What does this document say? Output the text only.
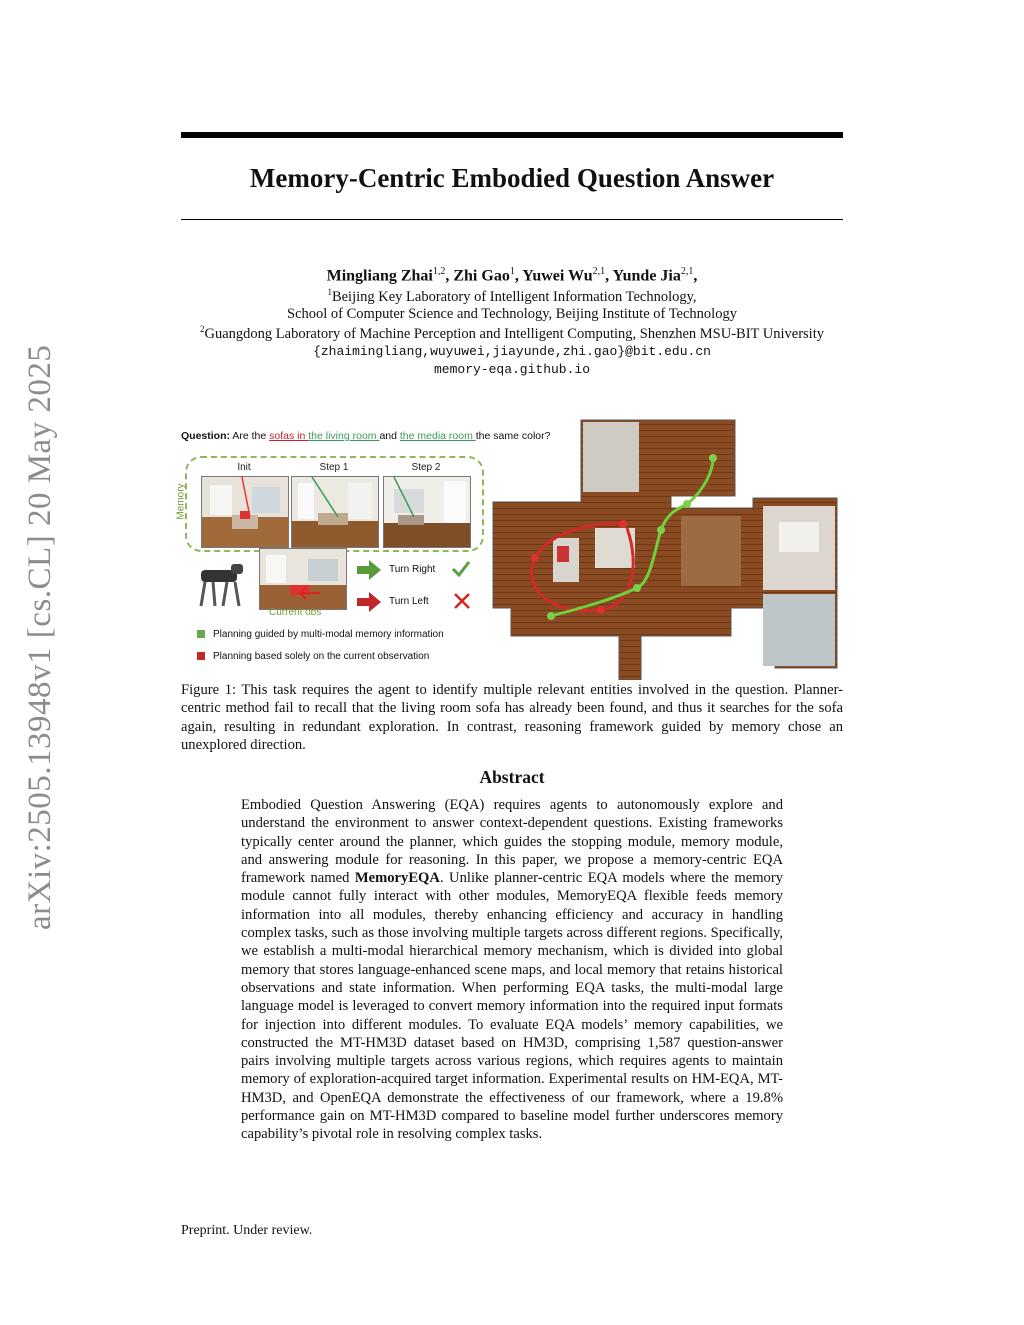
arXiv:2505.13948v1 [cs.CL] 20 May 2025
Memory-Centric Embodied Question Answer
Mingliang Zhai$^{1,2}$, Zhi Gao$^1$, Yuwei Wu$^{2,1}$, Yunde Jia$^{2,1}$,
$^1$Beijing Key Laboratory of Intelligent Information Technology,
School of Computer Science and Technology, Beijing Institute of Technology
$^2$Guangdong Laboratory of Machine Perception and Intelligent Computing, Shenzhen MSU-BIT University
{zhaimingliang,wuyuwei,jiayunde,zhi.gao}@bit.edu.cn
memory-eqa.github.io
Question: Are the sofas in the living room and the media room the same color?
Memory
Init	Step 1	Step 2
Current obs
Turn Right
Turn Left
Planning guided by multi-modal memory information
Planning based solely on the current observation
Figure 1: This task requires the agent to identify multiple relevant entities involved in the question. Planner-centric method fail to recall that the living room sofa has already been found, and thus it searches for the sofa again, resulting in redundant exploration. In contrast, reasoning framework guided by memory chose an unexplored direction.
Abstract
Embodied Question Answering (EQA) requires agents to autonomously explore and understand the environment to answer context-dependent questions. Existing frameworks typically center around the planner, which guides the stopping module, memory module, and answering module for reasoning. In this paper, we propose a memory-centric EQA framework named MemoryEQA. Unlike planner-centric EQA models where the memory module cannot fully interact with other modules, MemoryEQA flexible feeds memory information into all modules, thereby enhancing efficiency and accuracy in handling complex tasks, such as those involving multiple targets across different regions. Specifically, we establish a multi-modal hierarchical memory mechanism, which is divided into global memory that stores language-enhanced scene maps, and local memory that retains historical observations and state information. When performing EQA tasks, the multi-modal large language model is leveraged to convert memory information into the required input formats for injection into different modules. To evaluate EQA models’ memory capabilities, we constructed the MT-HM3D dataset based on HM3D, comprising 1,587 question-answer pairs involving multiple targets across various regions, which requires agents to maintain memory of exploration-acquired target information. Experimental results on HM-EQA, MT-HM3D, and OpenEQA demonstrate the effectiveness of our framework, where a 19.8% performance gain on MT-HM3D compared to baseline model further underscores memory capability’s pivotal role in resolving complex tasks.
Preprint. Under review.
